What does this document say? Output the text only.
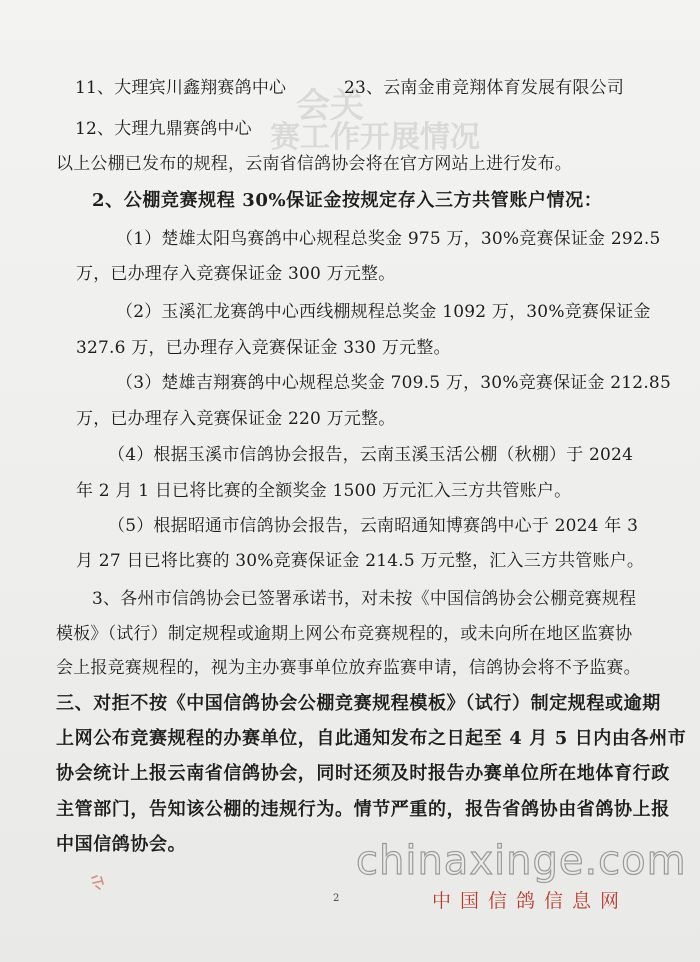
会关
赛工作开展情况
11、大理宾川鑫翔赛鸽中心	23、云南金甫竞翔体育发展有限公司
12、大理九鼎赛鸽中心
以上公棚已发布的规程，云南省信鸽协会将在官方网站上进行发布。
2、公棚竞赛规程 30%保证金按规定存入三方共管账户情况：
（1）楚雄太阳鸟赛鸽中心规程总奖金 975 万，30%竞赛保证金 292.5
万，已办理存入竞赛保证金 300 万元整。
（2）玉溪汇龙赛鸽中心西线棚规程总奖金 1092 万，30%竞赛保证金
327.6 万，已办理存入竞赛保证金 330 万元整。
（3）楚雄吉翔赛鸽中心规程总奖金 709.5 万，30%竞赛保证金 212.85
万，已办理存入竞赛保证金 220 万元整。
（4）根据玉溪市信鸽协会报告，云南玉溪玉活公棚（秋棚）于 2024
年 2 月 1 日已将比赛的全额奖金 1500 万元汇入三方共管账户。
（5）根据昭通市信鸽协会报告，云南昭通知博赛鸽中心于 2024 年 3
月 27 日已将比赛的 30%竞赛保证金 214.5 万元整，汇入三方共管账户。
3、各州市信鸽协会已签署承诺书，对未按《中国信鸽协会公棚竞赛规程
模板》（试行）制定规程或逾期上网公布竞赛规程的，或未向所在地区监赛协
会上报竞赛规程的，视为主办赛事单位放弃监赛申请，信鸽协会将不予监赛。
三、对拒不按《中国信鸽协会公棚竞赛规程模板》（试行）制定规程或逾期
上网公布竞赛规程的办赛单位，自此通知发布之日起至 4 月 5 日内由各州市
协会统计上报云南省信鸽协会，同时还须及时报告办赛单位所在地体育行政
主管部门，告知该公棚的违规行为。情节严重的，报告省鸽协由省鸽协上报
中国信鸽协会。
2
chinaxinge.com
中国信鸽信息网
